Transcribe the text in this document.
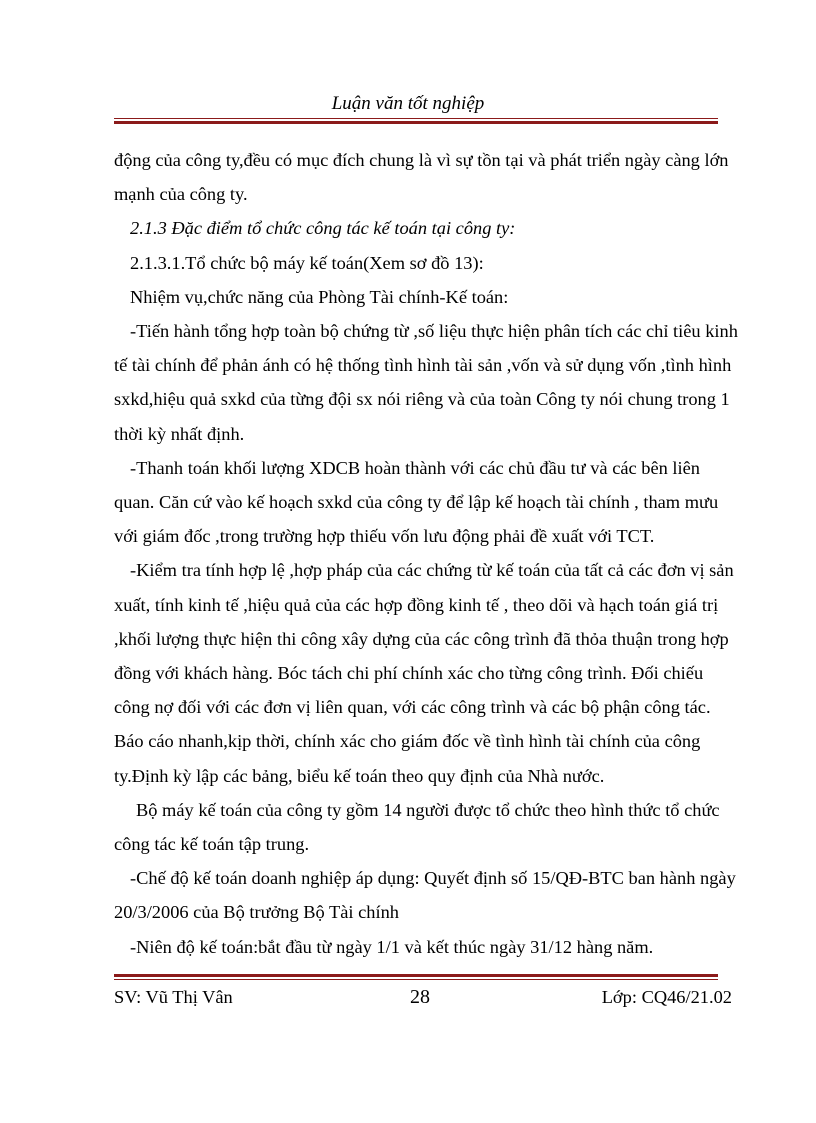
Luận văn tốt nghiệp

động của công ty,đều có mục đích chung là vì sự tồn tại và phát triển ngày càng lớn mạnh của công ty.

2.1.3 Đặc điểm tổ chức công tác kế toán tại công ty:

2.1.3.1.Tổ chức bộ máy kế toán(Xem sơ đồ 13):

Nhiệm vụ,chức năng của Phòng Tài chính-Kế toán:

-Tiến hành tổng hợp toàn bộ chứng từ ,số liệu thực hiện phân tích các chỉ tiêu kinh tế tài chính để phản ánh có hệ thống tình hình tài sản ,vốn và sử dụng vốn ,tình hình sxkd,hiệu quả sxkd của từng đội sx nói riêng và của toàn Công ty nói chung trong 1 thời kỳ nhất định.

-Thanh toán khối lượng XDCB hoàn thành với các chủ đầu tư và các bên liên quan. Căn cứ vào kế hoạch sxkd của công ty để lập kế hoạch tài chính , tham mưu với giám đốc ,trong trường hợp thiếu vốn lưu động phải đề xuất với TCT.

-Kiểm tra tính hợp lệ ,hợp pháp của các chứng từ kế toán của tất cả các đơn vị sản xuất, tính kinh tế ,hiệu quả của các hợp đồng kinh tế , theo dõi và hạch toán giá trị ,khối lượng thực hiện thi công xây dựng của các công trình đã thỏa thuận trong hợp đồng với khách hàng. Bóc tách chi phí chính xác cho từng công trình. Đối chiếu công nợ đối với các đơn vị liên quan, với các công trình và các bộ phận công tác. Báo cáo nhanh,kịp thời, chính xác cho giám đốc về tình hình tài chính của công ty.Định kỳ lập các bảng, biểu kế toán theo quy định của Nhà nước.

Bộ máy kế toán của công ty gồm 14 người được tổ chức theo hình thức tổ chức công tác kế toán tập trung.

-Chế độ kế toán doanh nghiệp áp dụng: Quyết định số 15/QĐ-BTC ban hành ngày 20/3/2006 của Bộ trưởng Bộ Tài chính

-Niên độ kế toán:bắt đầu từ ngày 1/1 và kết thúc ngày 31/12 hàng năm.

SV: Vũ Thị Vân	28	Lớp: CQ46/21.02
